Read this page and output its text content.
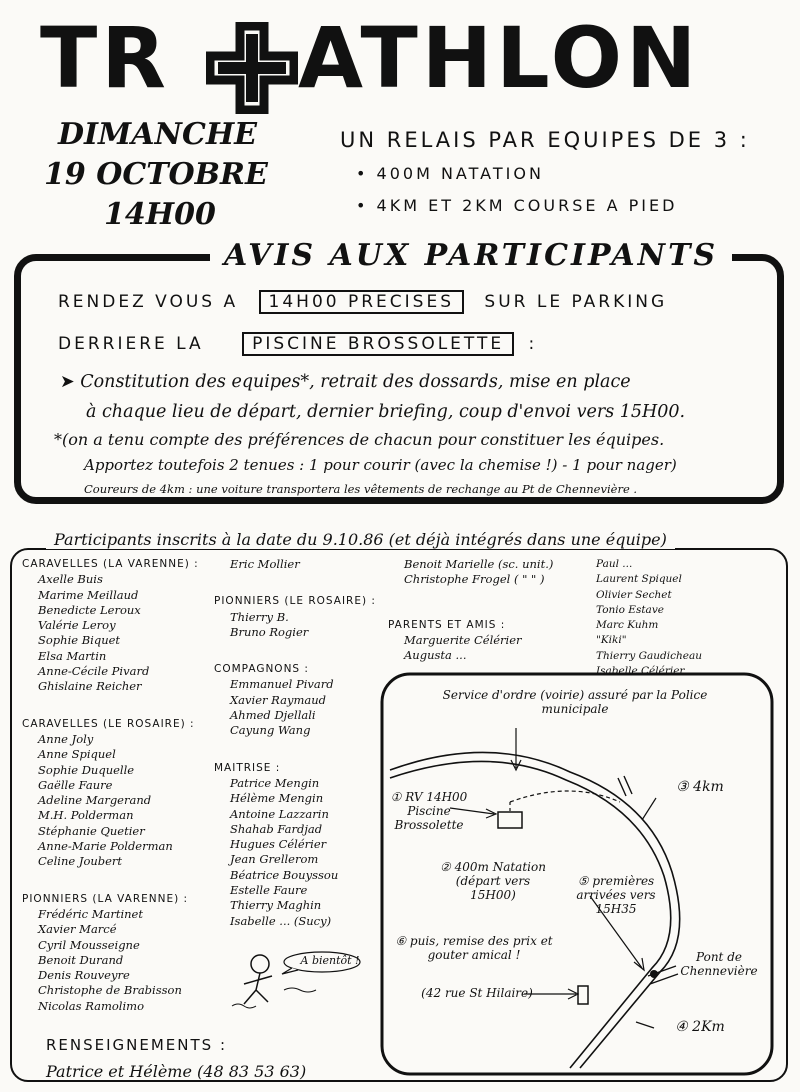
TR ATHLON
DIMANCHE
19 OCTOBRE
14H00
UN RELAIS PAR EQUIPES DE 3 :
• 400M NATATION
• 4KM ET 2KM COURSE A PIED
AVIS AUX PARTICIPANTS
RENDEZ VOUS A 14H00 PRECISES SUR LE PARKING
DERRIERE LA	PISCINE BROSSOLETTE :
➤ Constitution des equipes*, retrait des dossards, mise en place
à chaque lieu de départ, dernier briefing, coup d'envoi vers 15H00.
*(on a tenu compte des préférences de chacun pour constituer les équipes.
Apportez toutefois 2 tenues : 1 pour courir (avec la chemise !) - 1 pour nager)
Coureurs de 4km : une voiture transportera les vêtements de rechange au Pt de Chennevière .
Participants inscrits à la date du 9.10.86 (et déjà intégrés dans une équipe)
CARAVELLES (LA VARENNE) :
Axelle Buis
Marime Meillaud
Benedicte Leroux
Valérie Leroy
Sophie Biquet
Elsa Martin
Anne-Cécile Pivard
Ghislaine Reicher
CARAVELLES (LE ROSAIRE) :
Anne Joly
Anne Spiquel
Sophie Duquelle
Gaëlle Faure
Adeline Margerand
M.H. Polderman
Stéphanie Quetier
Anne-Marie Polderman
Celine Joubert
PIONNIERS (LA VARENNE) :
Frédéric Martinet
Xavier Marcé
Cyril Mousseigne
Benoit Durand
Denis Rouveyre
Christophe de Brabisson
Nicolas Ramolimo
Eric Mollier
PIONNIERS (LE ROSAIRE) :
Thierry B.
Bruno Rogier
COMPAGNONS :
Emmanuel Pivard
Xavier Raymaud
Ahmed Djellali
Cayung Wang
MAITRISE :
Patrice Mengin
Hélème Mengin
Antoine Lazzarin
Shahab Fardjad
Hugues Célérier
Jean Grellerom
Béatrice Bouyssou
Estelle Faure
Thierry Maghin
Isabelle ... (Sucy)
Benoit Marielle (sc. unit.)
Christophe Frogel ( " " )
PARENTS ET AMIS :
Marguerite Célérier
Augusta ...
Paul ...
Laurent Spiquel
Olivier Sechet
Tonio Estave
Marc Kuhm
"Kiki"
Thierry Gaudicheau
Isabelle Célérier
A bientôt !
Service d'ordre (voirie) assuré par la Police municipale
① RV 14H00 Piscine Brossolette
② 400m Natation (départ vers 15H00)
③ 4km
⑤ premières arrivées vers 15H35
⑥ puis, remise des prix et gouter amical !
(42 rue St Hilaire)
Pont de Chennevière
④ 2Km
RENSEIGNEMENTS :
Patrice et Hélème (48 83 53 63)
